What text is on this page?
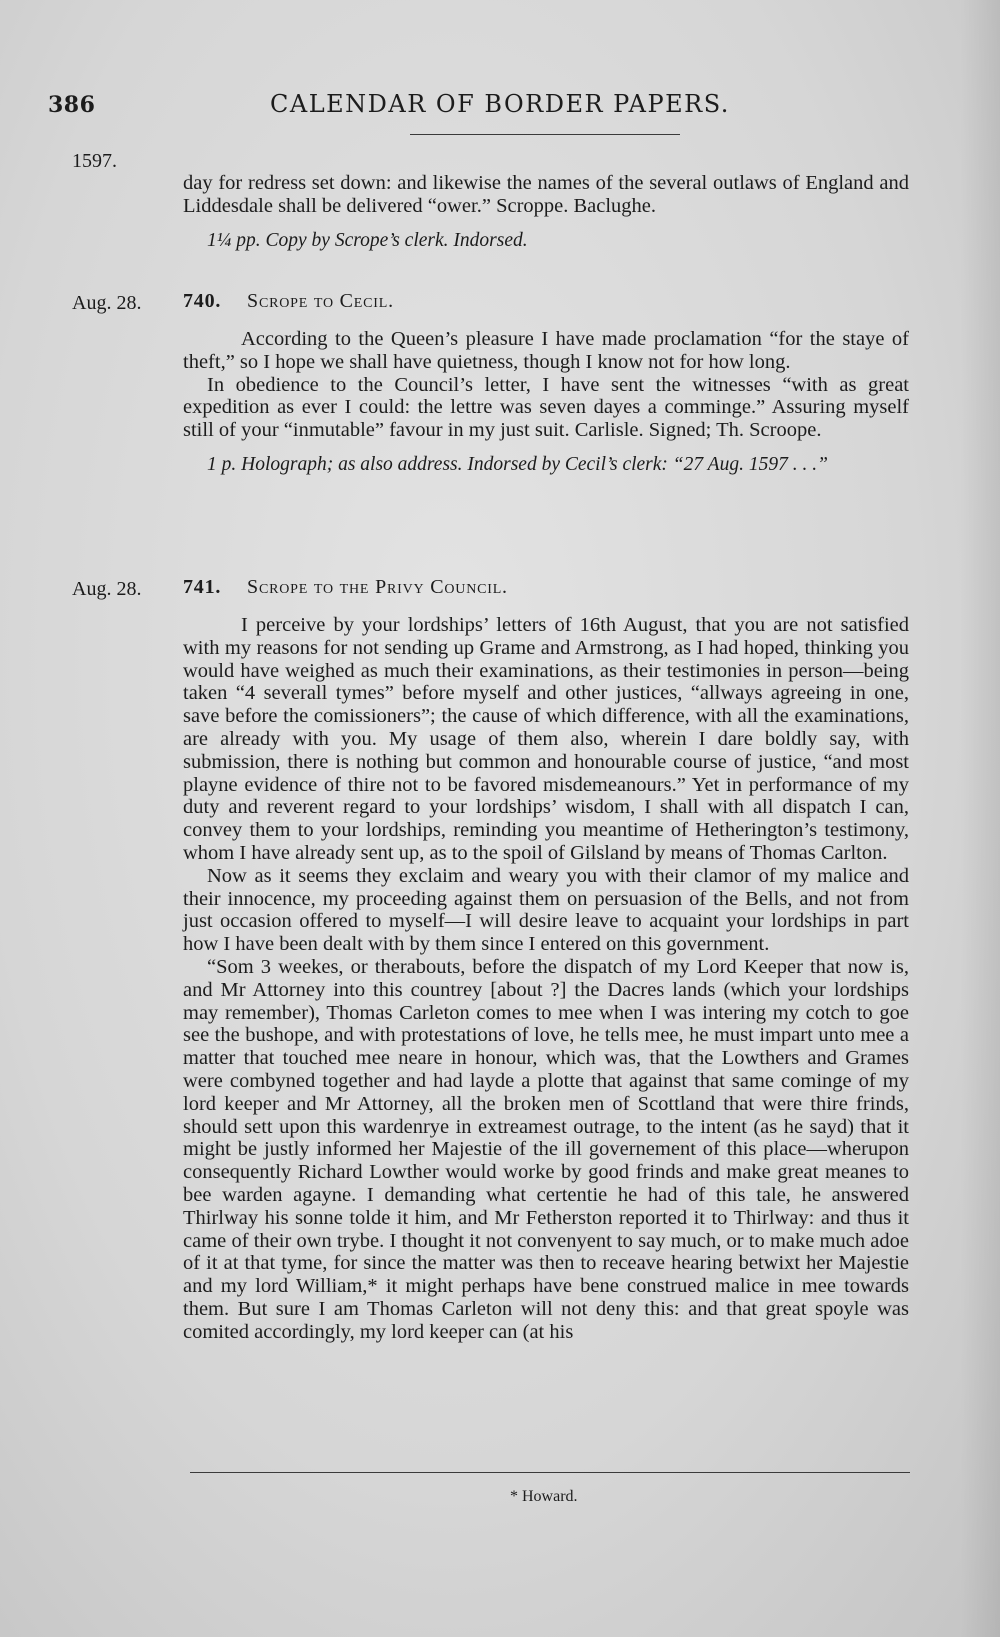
386	CALENDAR OF BORDER PAPERS.
1597.

day for redress set down: and likewise the names of the several outlaws of England and Liddesdale shall be delivered “ower.” Scroppe. Baclughe.

1¼ pp. Copy by Scrope’s clerk. Indorsed.

Aug. 28. 740. Scrope to Cecil.

According to the Queen’s pleasure I have made proclamation “for the staye of theft,” so I hope we shall have quietness, though I know not for how long.

In obedience to the Council’s letter, I have sent the witnesses “with as great expedition as ever I could: the lettre was seven dayes a comminge.” Assuring myself still of your “inmutable” favour in my just suit. Carlisle. Signed; Th. Scroope.

1 p. Holograph; as also address. Indorsed by Cecil’s clerk: “27 Aug. 1597 . . .”

Aug. 28. 741. Scrope to the Privy Council.

I perceive by your lordships’ letters of 16th August, that you are not satisfied with my reasons for not sending up Grame and Armstrong, as I had hoped, thinking you would have weighed as much their examinations, as their testimonies in person—being taken “4 severall tymes” before myself and other justices, “allways agreeing in one, save before the comissioners”; the cause of which difference, with all the examinations, are already with you. My usage of them also, wherein I dare boldly say, with submission, there is nothing but common and honourable course of justice, “and most playne evidence of thire not to be favored misdemeanours.” Yet in performance of my duty and reverent regard to your lordships’ wisdom, I shall with all dispatch I can, convey them to your lordships, reminding you meantime of Hetherington’s testimony, whom I have already sent up, as to the spoil of Gilsland by means of Thomas Carlton.

Now as it seems they exclaim and weary you with their clamor of my malice and their innocence, my proceeding against them on persuasion of the Bells, and not from just occasion offered to myself—I will desire leave to acquaint your lordships in part how I have been dealt with by them since I entered on this government.

“Som 3 weekes, or therabouts, before the dispatch of my Lord Keeper that now is, and Mr Attorney into this countrey [about ?] the Dacres lands (which your lordships may remember), Thomas Carleton comes to mee when I was intering my cotch to goe see the bushope, and with protestations of love, he tells mee, he must impart unto mee a matter that touched mee neare in honour, which was, that the Lowthers and Grames were combyned together and had layde a plotte that against that same cominge of my lord keeper and Mr Attorney, all the broken men of Scottland that were thire frinds, should sett upon this wardenrye in extreamest outrage, to the intent (as he sayd) that it might be justly informed her Majestie of the ill governement of this place—wherupon consequently Richard Lowther would worke by good frinds and make great meanes to bee warden agayne. I demanding what certentie he had of this tale, he answered Thirlway his sonne tolde it him, and Mr Fetherston reported it to Thirlway: and thus it came of their own trybe. I thought it not convenyent to say much, or to make much adoe of it at that tyme, for since the matter was then to receave hearing betwixt her Majestie and my lord William,* it might perhaps have bene construed malice in mee towards them. But sure I am Thomas Carleton will not deny this: and that great spoyle was comited accordingly, my lord keeper can (at his

* Howard.
